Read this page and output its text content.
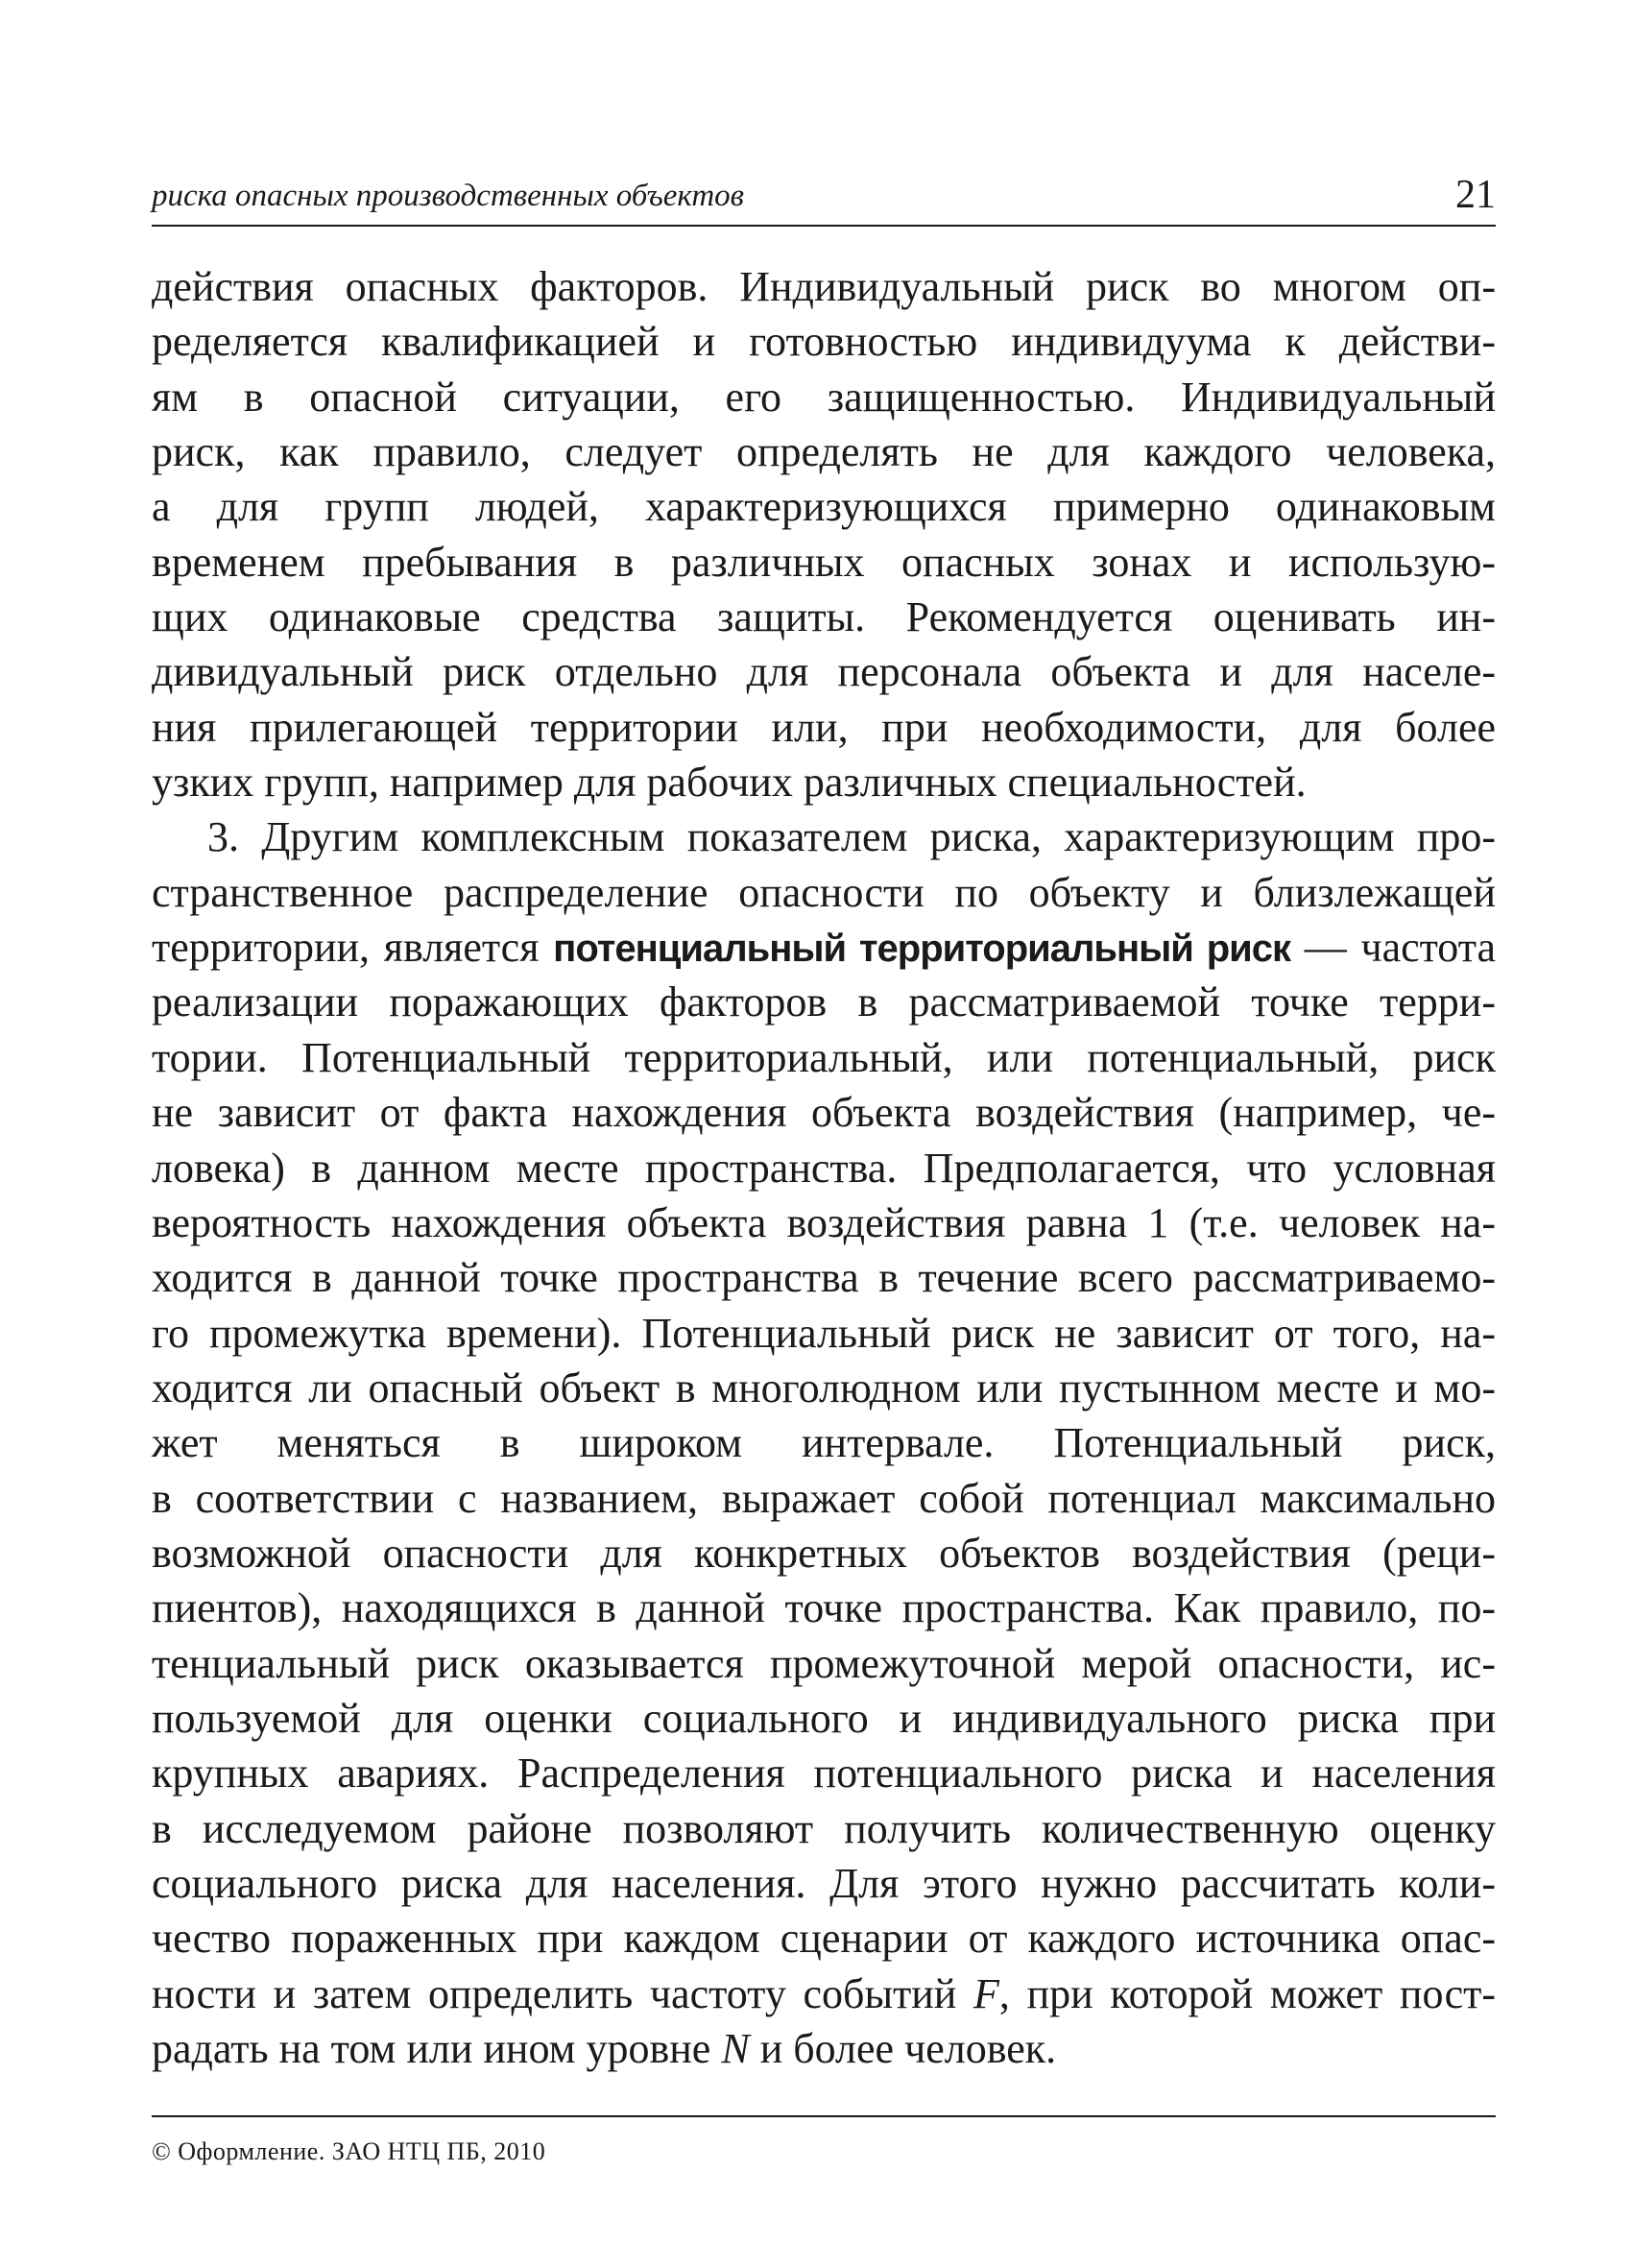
риска опасных производственных объектов	21
действия опасных факторов. Индивидуальный риск во многом оп-
ределяется квалификацией и готовностью индивидуума к действи-
ям в опасной ситуации, его защищенностью. Индивидуальный
риск, как правило, следует определять не для каждого человека,
а для групп людей, характеризующихся примерно одинаковым
временем пребывания в различных опасных зонах и использую-
щих одинаковые средства защиты. Рекомендуется оценивать ин-
дивидуальный риск отдельно для персонала объекта и для населе-
ния прилегающей территории или, при необходимости, для более
узких групп, например для рабочих различных специальностей.
3. Другим комплексным показателем риска, характеризующим про-
странственное распределение опасности по объекту и близлежащей
территории, является потенциальный территориальный риск — частота
реализации поражающих факторов в рассматриваемой точке терри-
тории. Потенциальный территориальный, или потенциальный, риск
не зависит от факта нахождения объекта воздействия (например, че-
ловека) в данном месте пространства. Предполагается, что условная
вероятность нахождения объекта воздействия равна 1 (т.е. человек на-
ходится в данной точке пространства в течение всего рассматриваемо-
го промежутка времени). Потенциальный риск не зависит от того, на-
ходится ли опасный объект в многолюдном или пустынном месте и мо-
жет меняться в широком интервале. Потенциальный риск,
в соответствии с названием, выражает собой потенциал максимально
возможной опасности для конкретных объектов воздействия (реци-
пиентов), находящихся в данной точке пространства. Как правило, по-
тенциальный риск оказывается промежуточной мерой опасности, ис-
пользуемой для оценки социального и индивидуального риска при
крупных авариях. Распределения потенциального риска и населения
в исследуемом районе позволяют получить количественную оценку
социального риска для населения. Для этого нужно рассчитать коли-
чество пораженных при каждом сценарии от каждого источника опас-
ности и затем определить частоту событий F, при которой может пост-
радать на том или ином уровне N и более человек.
© Оформление. ЗАО НТЦ ПБ, 2010
